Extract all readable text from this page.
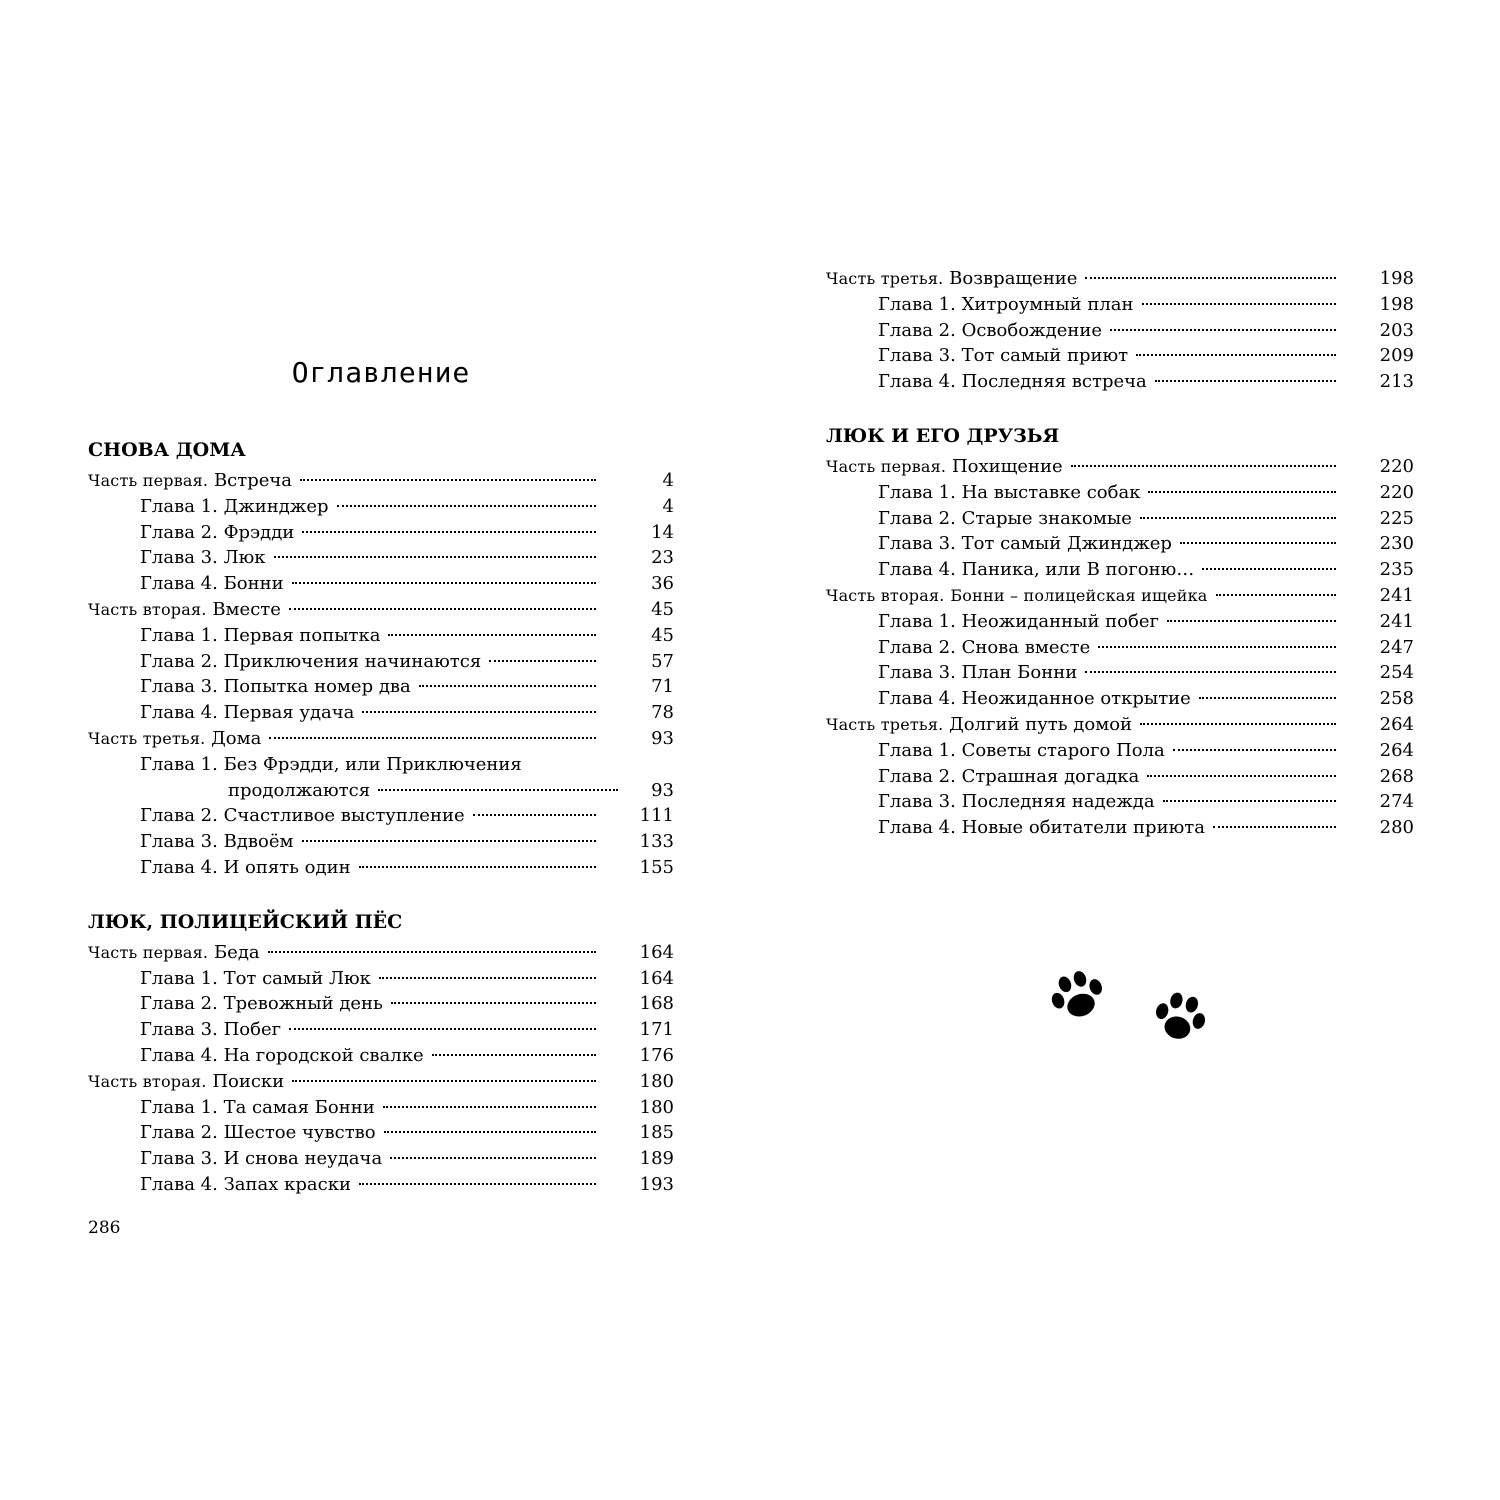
Оглавление
СНОВА ДОМА
Часть первая. Встреча	4
Глава 1. Джинджер	4
Глава 2. Фрэдди	14
Глава 3. Люк	23
Глава 4. Бонни	36
Часть вторая. Вместе	45
Глава 1. Первая попытка	45
Глава 2. Приключения начинаются	57
Глава 3. Попытка номер два	71
Глава 4. Первая удача	78
Часть третья. Дома	93
Глава 1. Без Фрэдди, или Приключения
продолжаются	93
Глава 2. Счастливое выступление	111
Глава 3. Вдвоём	133
Глава 4. И опять один	155
ЛЮК, ПОЛИЦЕЙСКИЙ ПЁС
Часть первая. Беда	164
Глава 1. Тот самый Люк	164
Глава 2. Тревожный день	168
Глава 3. Побег	171
Глава 4. На городской свалке	176
Часть вторая. Поиски	180
Глава 1. Та самая Бонни	180
Глава 2. Шестое чувство	185
Глава 3. И снова неудача	189
Глава 4. Запах краски	193
Часть третья. Возвращение	198
Глава 1. Хитроумный план	198
Глава 2. Освобождение	203
Глава 3. Тот самый приют	209
Глава 4. Последняя встреча	213
ЛЮК И ЕГО ДРУЗЬЯ
Часть первая. Похищение	220
Глава 1. На выставке собак	220
Глава 2. Старые знакомые	225
Глава 3. Тот самый Джинджер	230
Глава 4. Паника, или В погоню…	235
Часть вторая. Бонни – полицейская ищейка	241
Глава 1. Неожиданный побег	241
Глава 2. Снова вместе	247
Глава 3. План Бонни	254
Глава 4. Неожиданное открытие	258
Часть третья. Долгий путь домой	264
Глава 1. Советы старого Пола	264
Глава 2. Страшная догадка	268
Глава 3. Последняя надежда	274
Глава 4. Новые обитатели приюта	280
286
